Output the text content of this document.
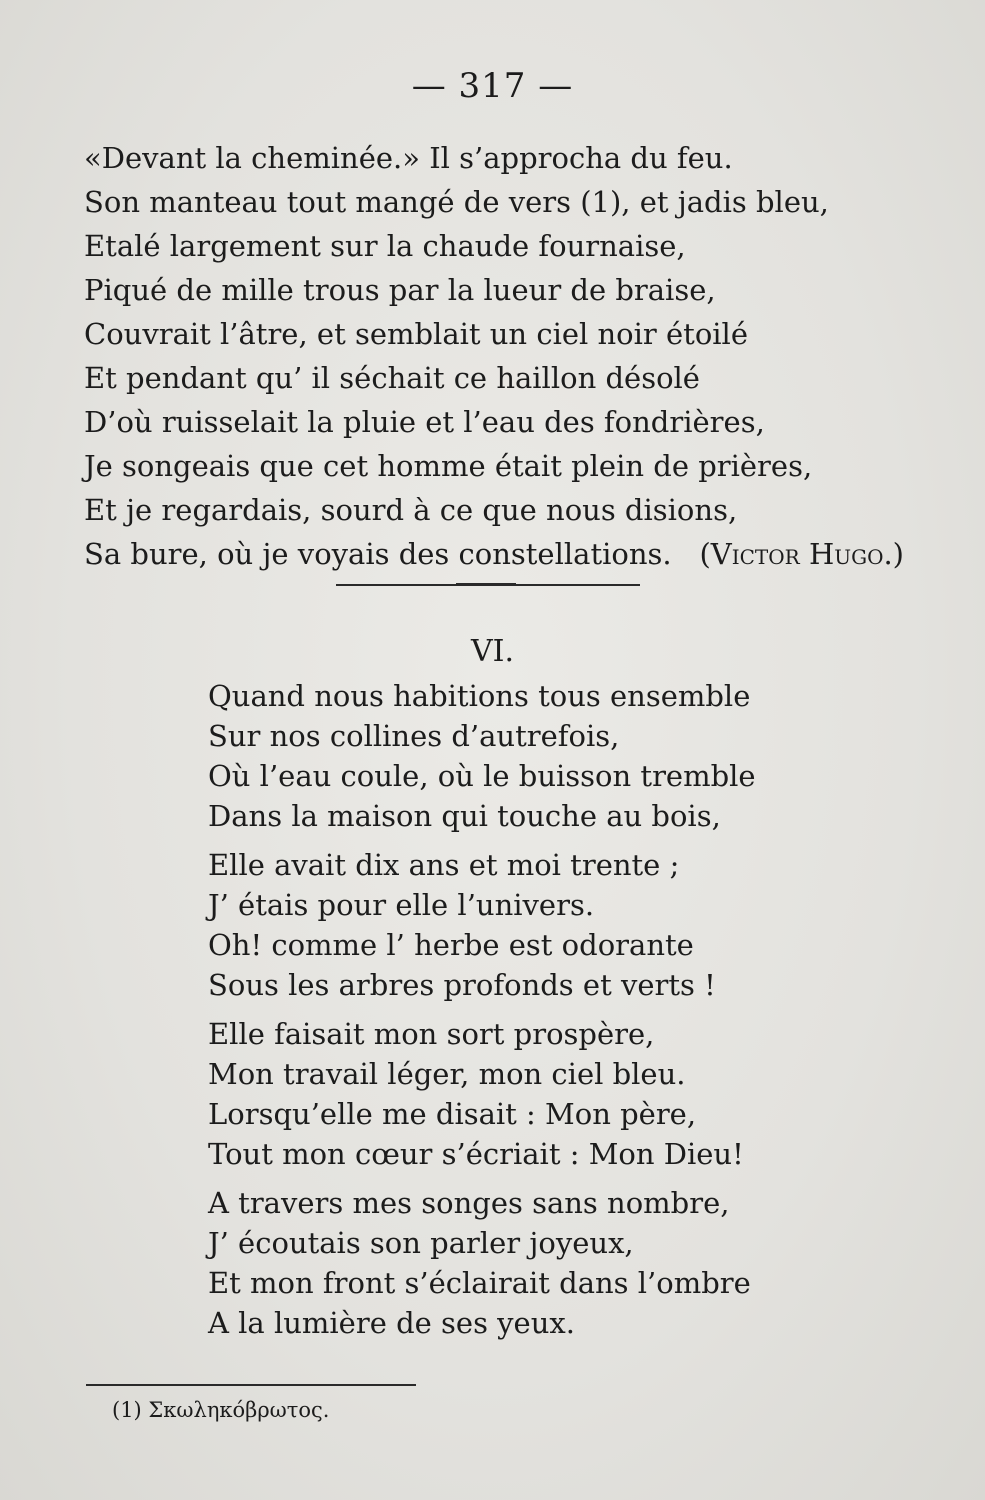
— 317 —
«Devant la cheminée.» Il s’approcha du feu.
Son manteau tout mangé de vers (1), et jadis bleu,
Etalé largement sur la chaude fournaise,
Piqué de mille trous par la lueur de braise,
Couvrait l’âtre, et semblait un ciel noir étoilé
Et pendant qu’ il séchait ce haillon désolé
D’où ruisselait la pluie et l’eau des fondrières,
Je songeais que cet homme était plein de prières,
Et je regardais, sourd à ce que nous disions,
Sa bure, où je voyais des constellations. (Victor Hugo.)
VI.
Quand nous habitions tous ensemble
Sur nos collines d’autrefois,
Où l’eau coule, où le buisson tremble
Dans la maison qui touche au bois,
Elle avait dix ans et moi trente ;
J’ étais pour elle l’univers.
Oh! comme l’ herbe est odorante
Sous les arbres profonds et verts !
Elle faisait mon sort prospère,
Mon travail léger, mon ciel bleu.
Lorsqu’elle me disait : Mon père,
Tout mon cœur s’écriait : Mon Dieu!
A travers mes songes sans nombre,
J’ écoutais son parler joyeux,
Et mon front s’éclairait dans l’ombre
A la lumière de ses yeux.
(1) Σκωληκόβρωτος.
